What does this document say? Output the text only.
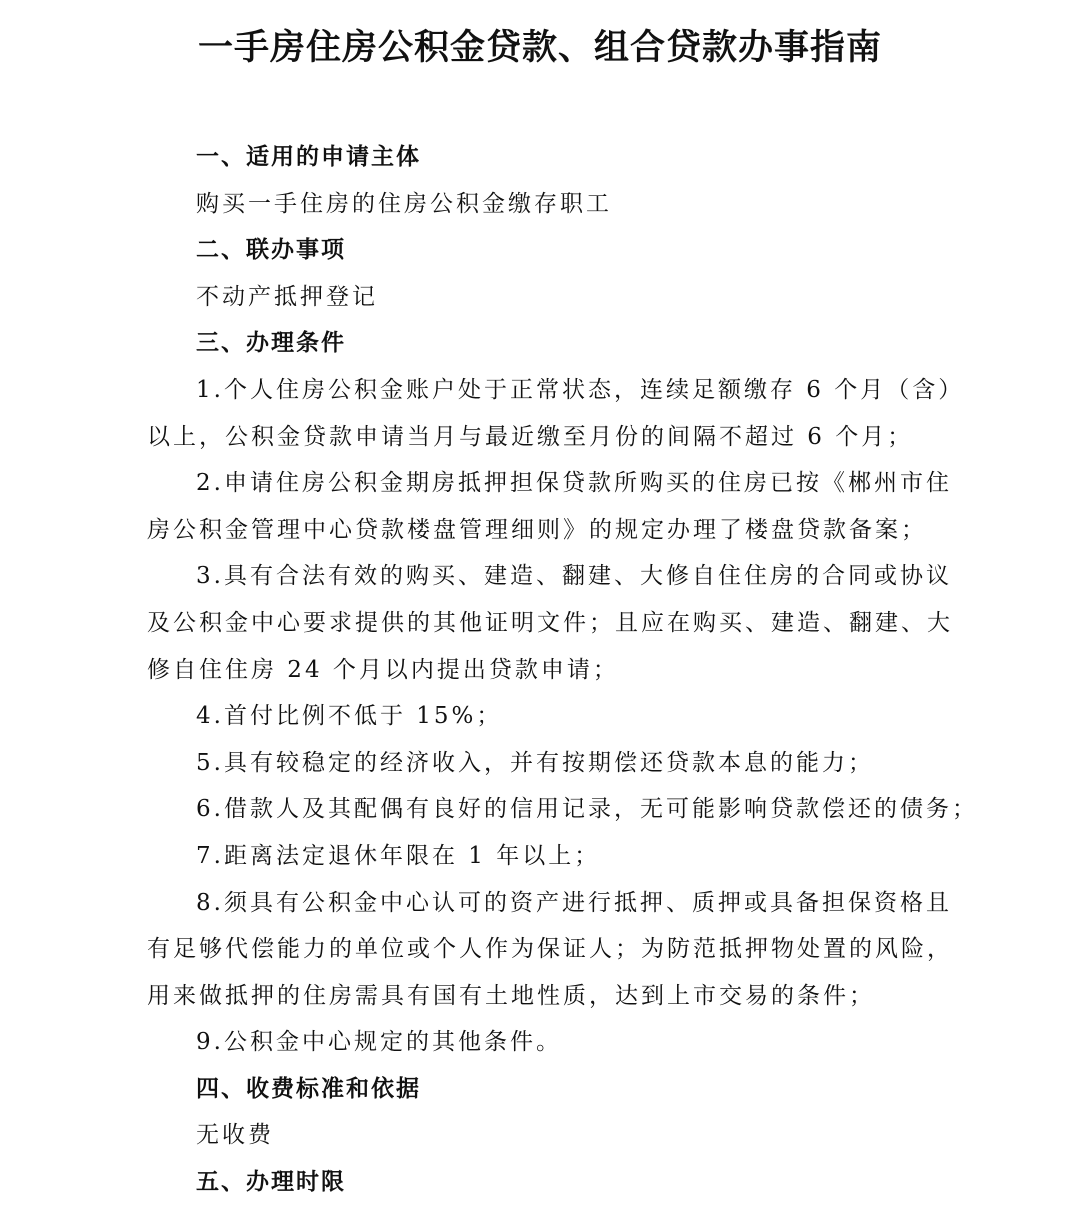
一手房住房公积金贷款、组合贷款办事指南

一、适用的申请主体

购买一手住房的住房公积金缴存职工

二、联办事项

不动产抵押登记

三、办理条件

1.个人住房公积金账户处于正常状态，连续足额缴存 6 个月（含）

以上，公积金贷款申请当月与最近缴至月份的间隔不超过 6 个月；

2.申请住房公积金期房抵押担保贷款所购买的住房已按《郴州市住

房公积金管理中心贷款楼盘管理细则》的规定办理了楼盘贷款备案；

3.具有合法有效的购买、建造、翻建、大修自住住房的合同或协议

及公积金中心要求提供的其他证明文件；且应在购买、建造、翻建、大

修自住住房 24 个月以内提出贷款申请；

4.首付比例不低于 15%；

5.具有较稳定的经济收入，并有按期偿还贷款本息的能力；

6.借款人及其配偶有良好的信用记录，无可能影响贷款偿还的债务；

7.距离法定退休年限在 1 年以上；

8.须具有公积金中心认可的资产进行抵押、质押或具备担保资格且

有足够代偿能力的单位或个人作为保证人；为防范抵押物处置的风险，

用来做抵押的住房需具有国有土地性质，达到上市交易的条件；

9.公积金中心规定的其他条件。

四、收费标准和依据

无收费

五、办理时限
